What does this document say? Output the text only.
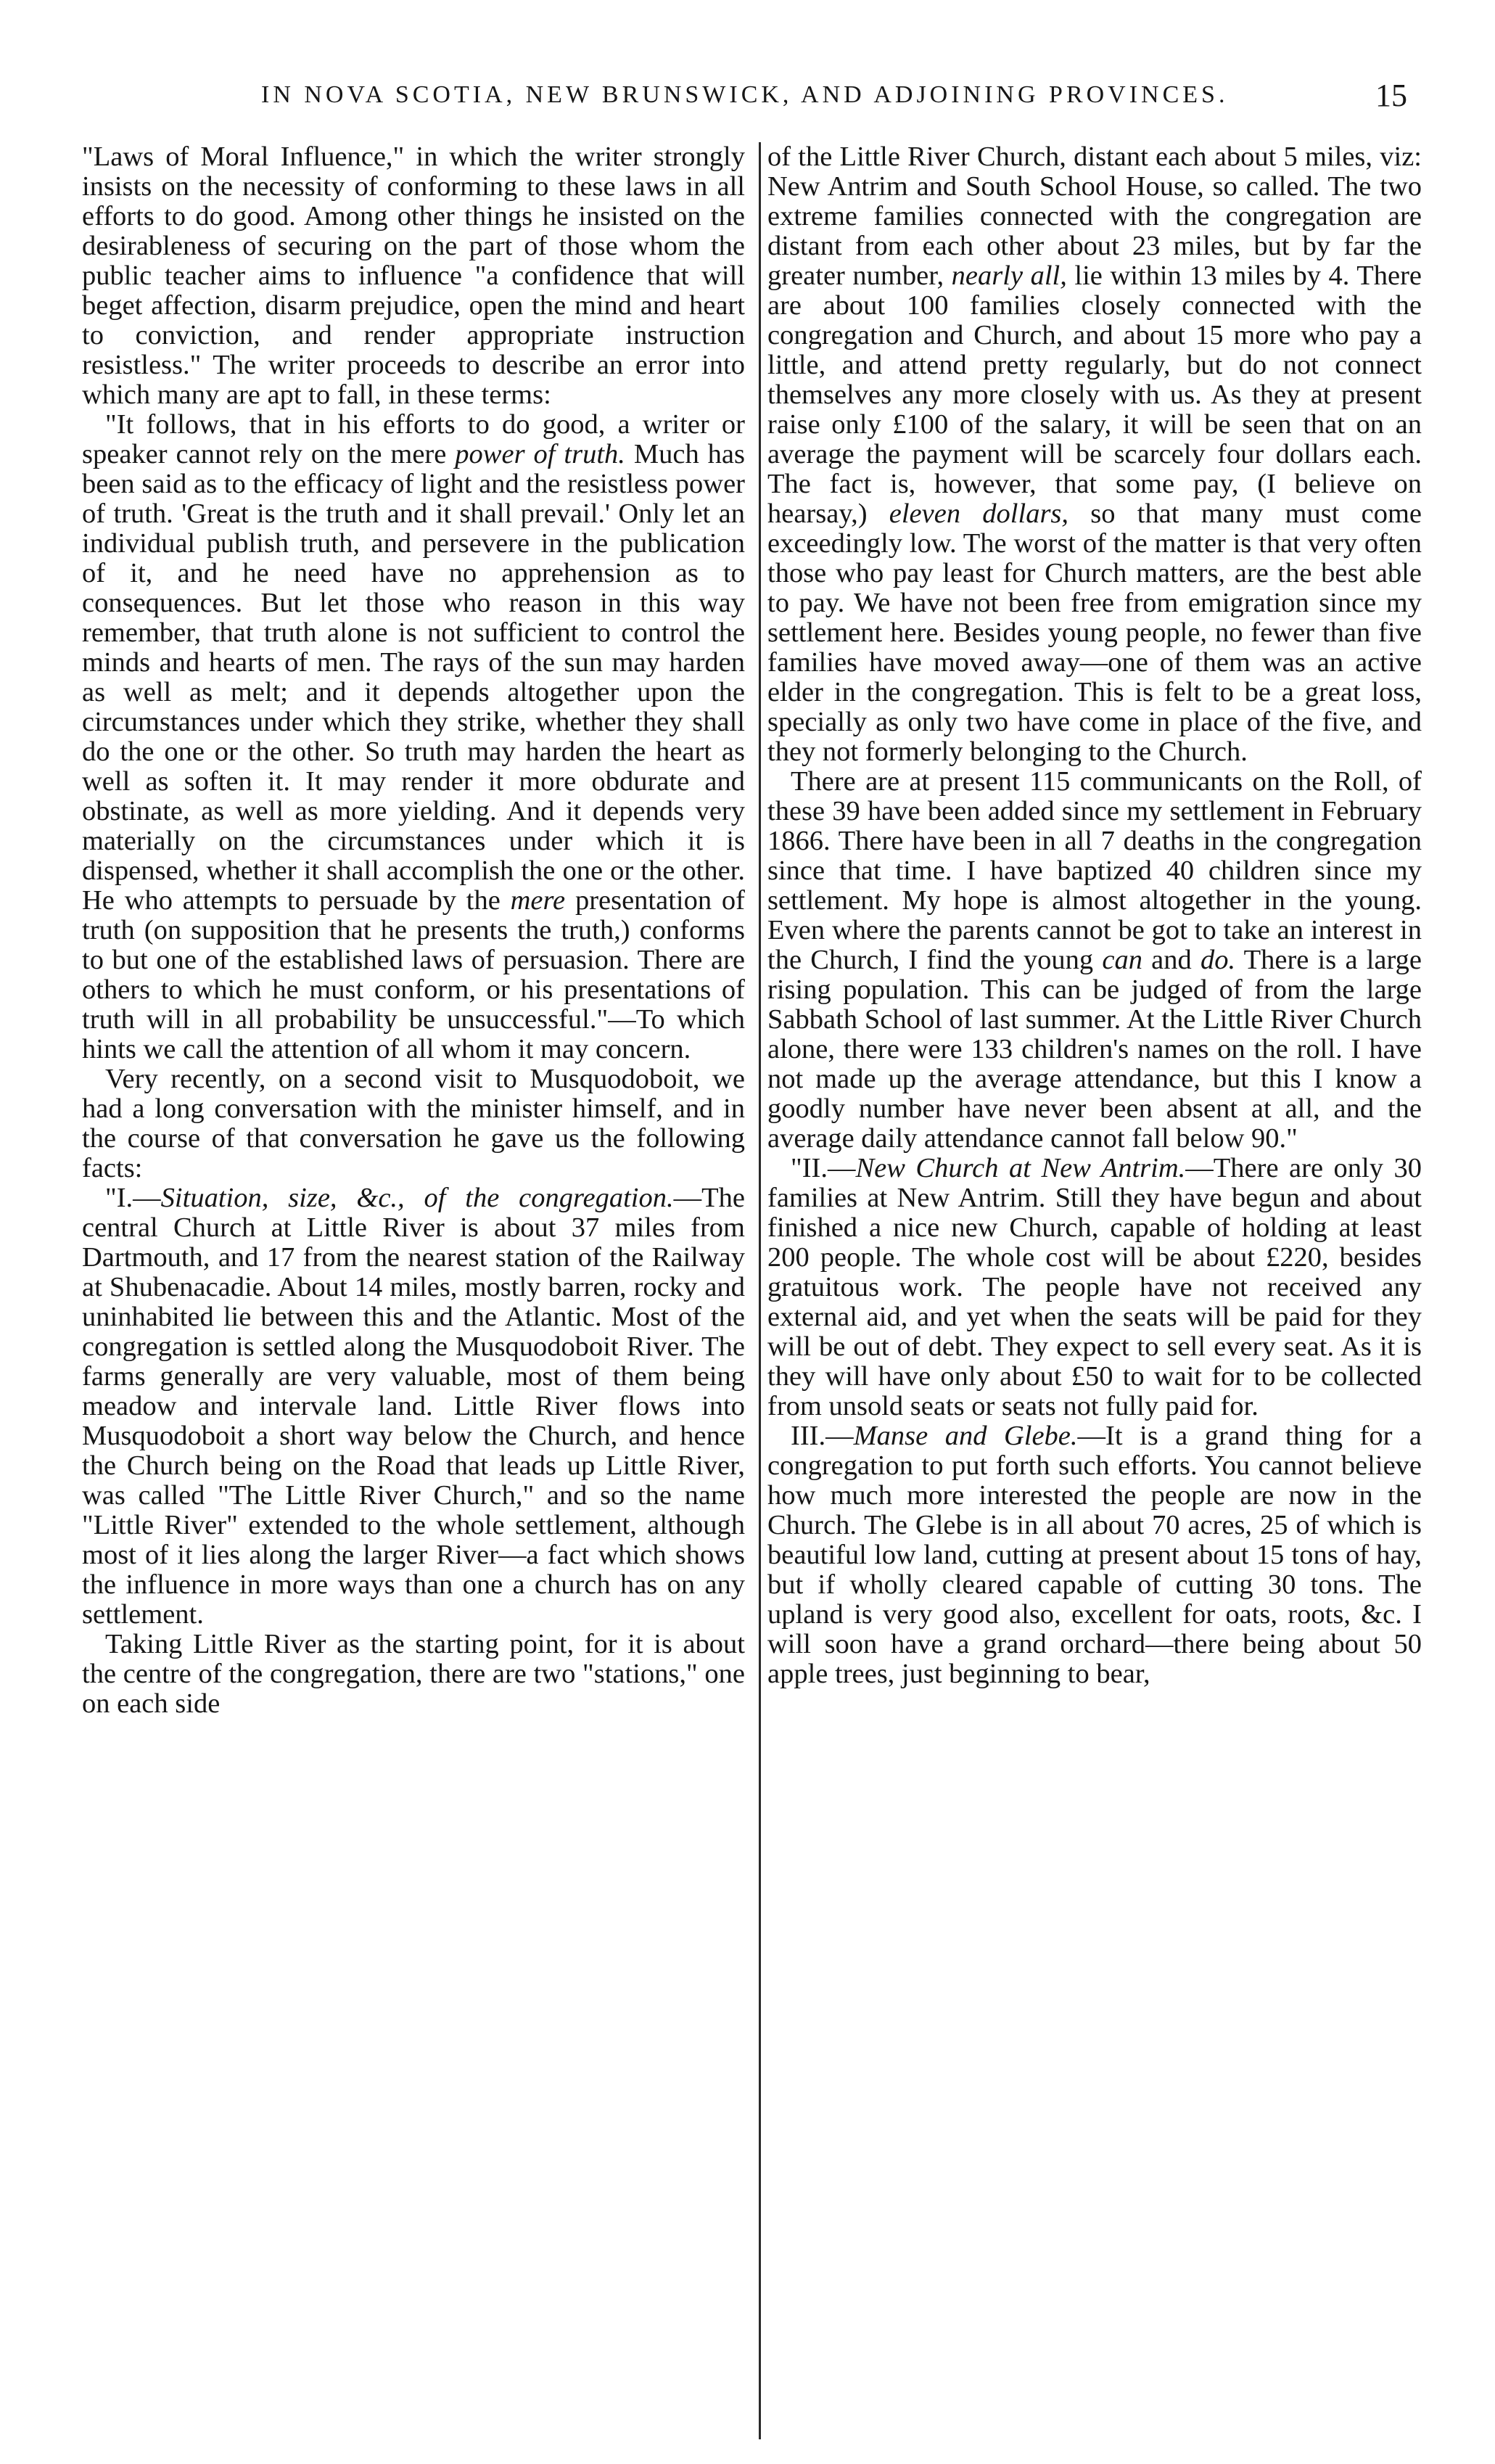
IN NOVA SCOTIA, NEW BRUNSWICK, AND ADJOINING PROVINCES.	15

"Laws of Moral Influence," in which the writer strongly insists on the necessity of conforming to these laws in all efforts to do good. Among other things he insisted on the desirableness of securing on the part of those whom the public teacher aims to influence "a confidence that will beget affection, disarm prejudice, open the mind and heart to conviction, and render appropriate instruction resistless." The writer proceeds to describe an error into which many are apt to fall, in these terms:

"It follows, that in his efforts to do good, a writer or speaker cannot rely on the mere power of truth. Much has been said as to the efficacy of light and the resistless power of truth. 'Great is the truth and it shall prevail.' Only let an individual publish truth, and persevere in the publication of it, and he need have no apprehension as to consequences. But let those who reason in this way remember, that truth alone is not sufficient to control the minds and hearts of men. The rays of the sun may harden as well as melt; and it depends altogether upon the circumstances under which they strike, whether they shall do the one or the other. So truth may harden the heart as well as soften it. It may render it more obdurate and obstinate, as well as more yielding. And it depends very materially on the circumstances under which it is dispensed, whether it shall accomplish the one or the other. He who attempts to persuade by the mere presentation of truth (on supposition that he presents the truth,) conforms to but one of the established laws of persuasion. There are others to which he must conform, or his presentations of truth will in all probability be unsuccessful."—To which hints we call the attention of all whom it may concern.

Very recently, on a second visit to Musquodoboit, we had a long conversation with the minister himself, and in the course of that conversation he gave us the following facts:

"I.—Situation, size, &c., of the congregation.—The central Church at Little River is about 37 miles from Dartmouth, and 17 from the nearest station of the Railway at Shubenacadie. About 14 miles, mostly barren, rocky and uninhabited lie between this and the Atlantic. Most of the congregation is settled along the Musquodoboit River. The farms generally are very valuable, most of them being meadow and intervale land. Little River flows into Musquodoboit a short way below the Church, and hence the Church being on the Road that leads up Little River, was called "The Little River Church," and so the name "Little River" extended to the whole settlement, although most of it lies along the larger River—a fact which shows the influence in more ways than one a church has on any settlement.

Taking Little River as the starting point, for it is about the centre of the congregation, there are two "stations," one on each side

of the Little River Church, distant each about 5 miles, viz: New Antrim and South School House, so called. The two extreme families connected with the congregation are distant from each other about 23 miles, but by far the greater number, nearly all, lie within 13 miles by 4. There are about 100 families closely connected with the congregation and Church, and about 15 more who pay a little, and attend pretty regularly, but do not connect themselves any more closely with us. As they at present raise only £100 of the salary, it will be seen that on an average the payment will be scarcely four dollars each. The fact is, however, that some pay, (I believe on hearsay,) eleven dollars, so that many must come exceedingly low. The worst of the matter is that very often those who pay least for Church matters, are the best able to pay. We have not been free from emigration since my settlement here. Besides young people, no fewer than five families have moved away—one of them was an active elder in the congregation. This is felt to be a great loss, specially as only two have come in place of the five, and they not formerly belonging to the Church.

There are at present 115 communicants on the Roll, of these 39 have been added since my settlement in February 1866. There have been in all 7 deaths in the congregation since that time. I have baptized 40 children since my settlement. My hope is almost altogether in the young. Even where the parents cannot be got to take an interest in the Church, I find the young can and do. There is a large rising population. This can be judged of from the large Sabbath School of last summer. At the Little River Church alone, there were 133 children's names on the roll. I have not made up the average attendance, but this I know a goodly number have never been absent at all, and the average daily attendance cannot fall below 90."

"II.—New Church at New Antrim.—There are only 30 families at New Antrim. Still they have begun and about finished a nice new Church, capable of holding at least 200 people. The whole cost will be about £220, besides gratuitous work. The people have not received any external aid, and yet when the seats will be paid for they will be out of debt. They expect to sell every seat. As it is they will have only about £50 to wait for to be collected from unsold seats or seats not fully paid for.

III.—Manse and Glebe.—It is a grand thing for a congregation to put forth such efforts. You cannot believe how much more interested the people are now in the Church. The Glebe is in all about 70 acres, 25 of which is beautiful low land, cutting at present about 15 tons of hay, but if wholly cleared capable of cutting 30 tons. The upland is very good also, excellent for oats, roots, &c. I will soon have a grand orchard—there being about 50 apple trees, just beginning to bear,
